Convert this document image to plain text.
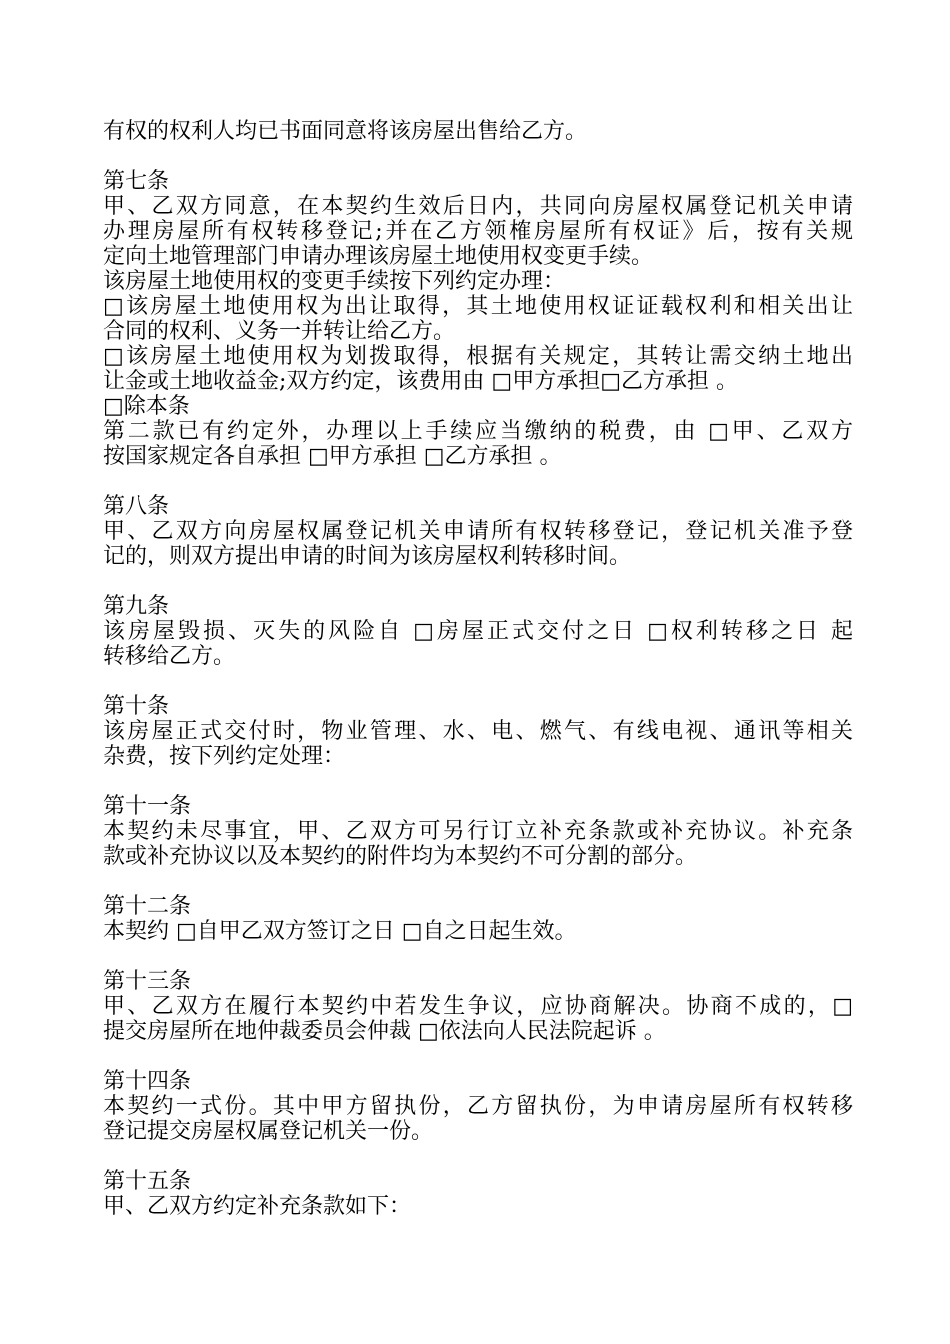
有权的权利人均已书面同意将该房屋出售给乙方。
第七条
甲、乙双方同意，在本契约生效后日内，共同向房屋权属登记机关申请
办理房屋所有权转移登记;并在乙方领榷房屋所有权证》后，按有关规
定向土地管理部门申请办理该房屋土地使用权变更手续。
该房屋土地使用权的变更手续按下列约定办理：
□该房屋土地使用权为出让取得，其土地使用权证证载权利和相关出让
合同的权利、义务一并转让给乙方。
□该房屋土地使用权为划拨取得，根据有关规定，其转让需交纳土地出
让金或土地收益金;双方约定，该费用由 □甲方承担□乙方承担 。
□除本条
第二款已有约定外，办理以上手续应当缴纳的税费，由 □甲、乙双方
按国家规定各自承担 □甲方承担 □乙方承担 。
第八条
甲、乙双方向房屋权属登记机关申请所有权转移登记，登记机关准予登
记的，则双方提出申请的时间为该房屋权利转移时间。
第九条
该房屋毁损、灭失的风险自 □房屋正式交付之日 □权利转移之日 起
转移给乙方。
第十条
该房屋正式交付时，物业管理、水、电、燃气、有线电视、通讯等相关
杂费，按下列约定处理：
第十一条
本契约未尽事宜，甲、乙双方可另行订立补充条款或补充协议。补充条
款或补充协议以及本契约的附件均为本契约不可分割的部分。
第十二条
本契约 □自甲乙双方签订之日 □自之日起生效。
第十三条
甲、乙双方在履行本契约中若发生争议，应协商解决。协商不成的，□
提交房屋所在地仲裁委员会仲裁 □依法向人民法院起诉 。
第十四条
本契约一式份。其中甲方留执份，乙方留执份，为申请房屋所有权转移
登记提交房屋权属登记机关一份。
第十五条
甲、乙双方约定补充条款如下：
